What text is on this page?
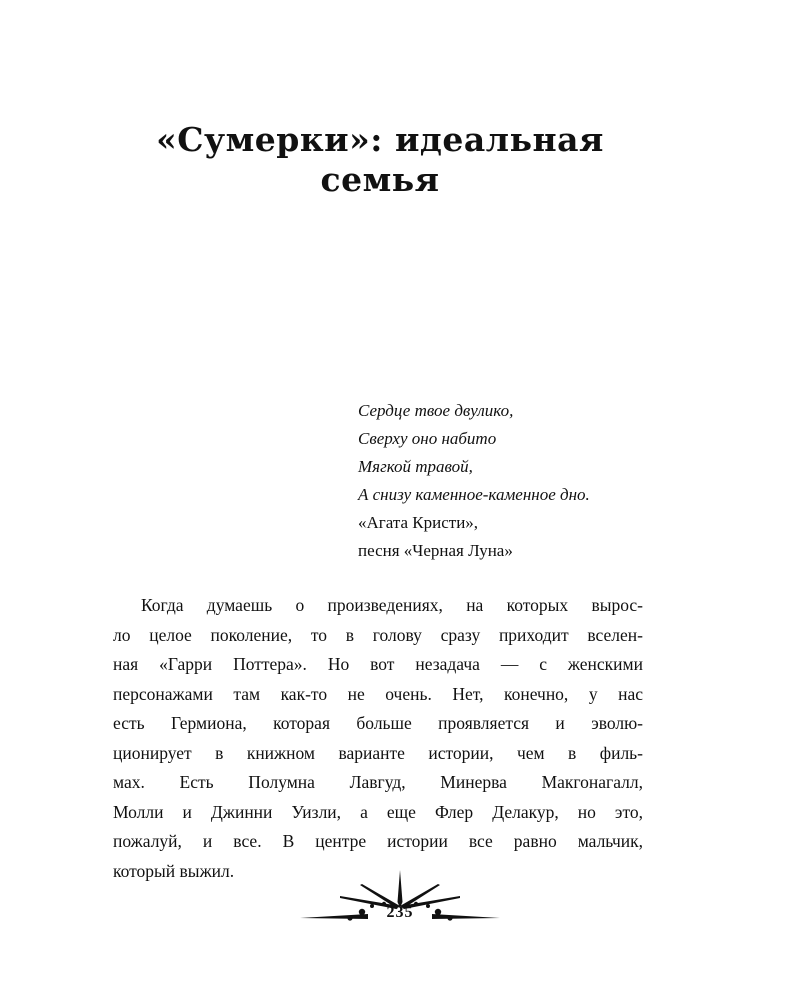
«Сумерки»: идеальная
семья
Сердце твое двулико,
Сверху оно набито
Мягкой травой,
А снизу каменное-каменное дно.
«Агата Кристи»,
песня «Черная Луна»
Когда думаешь о произведениях, на которых вырос-
ло целое поколение, то в голову сразу приходит вселен-
ная «Гарри Поттера». Но вот незадача — с женскими
персонажами там как-то не очень. Нет, конечно, у нас
есть Гермиона, которая больше проявляется и эволю-
ционирует в книжном варианте истории, чем в филь-
мах. Есть Полумна Лавгуд, Минерва Макгонагалл,
Молли и Джинни Уизли, а еще Флер Делакур, но это,
пожалуй, и все. В центре истории все равно мальчик,
который выжил.
235
